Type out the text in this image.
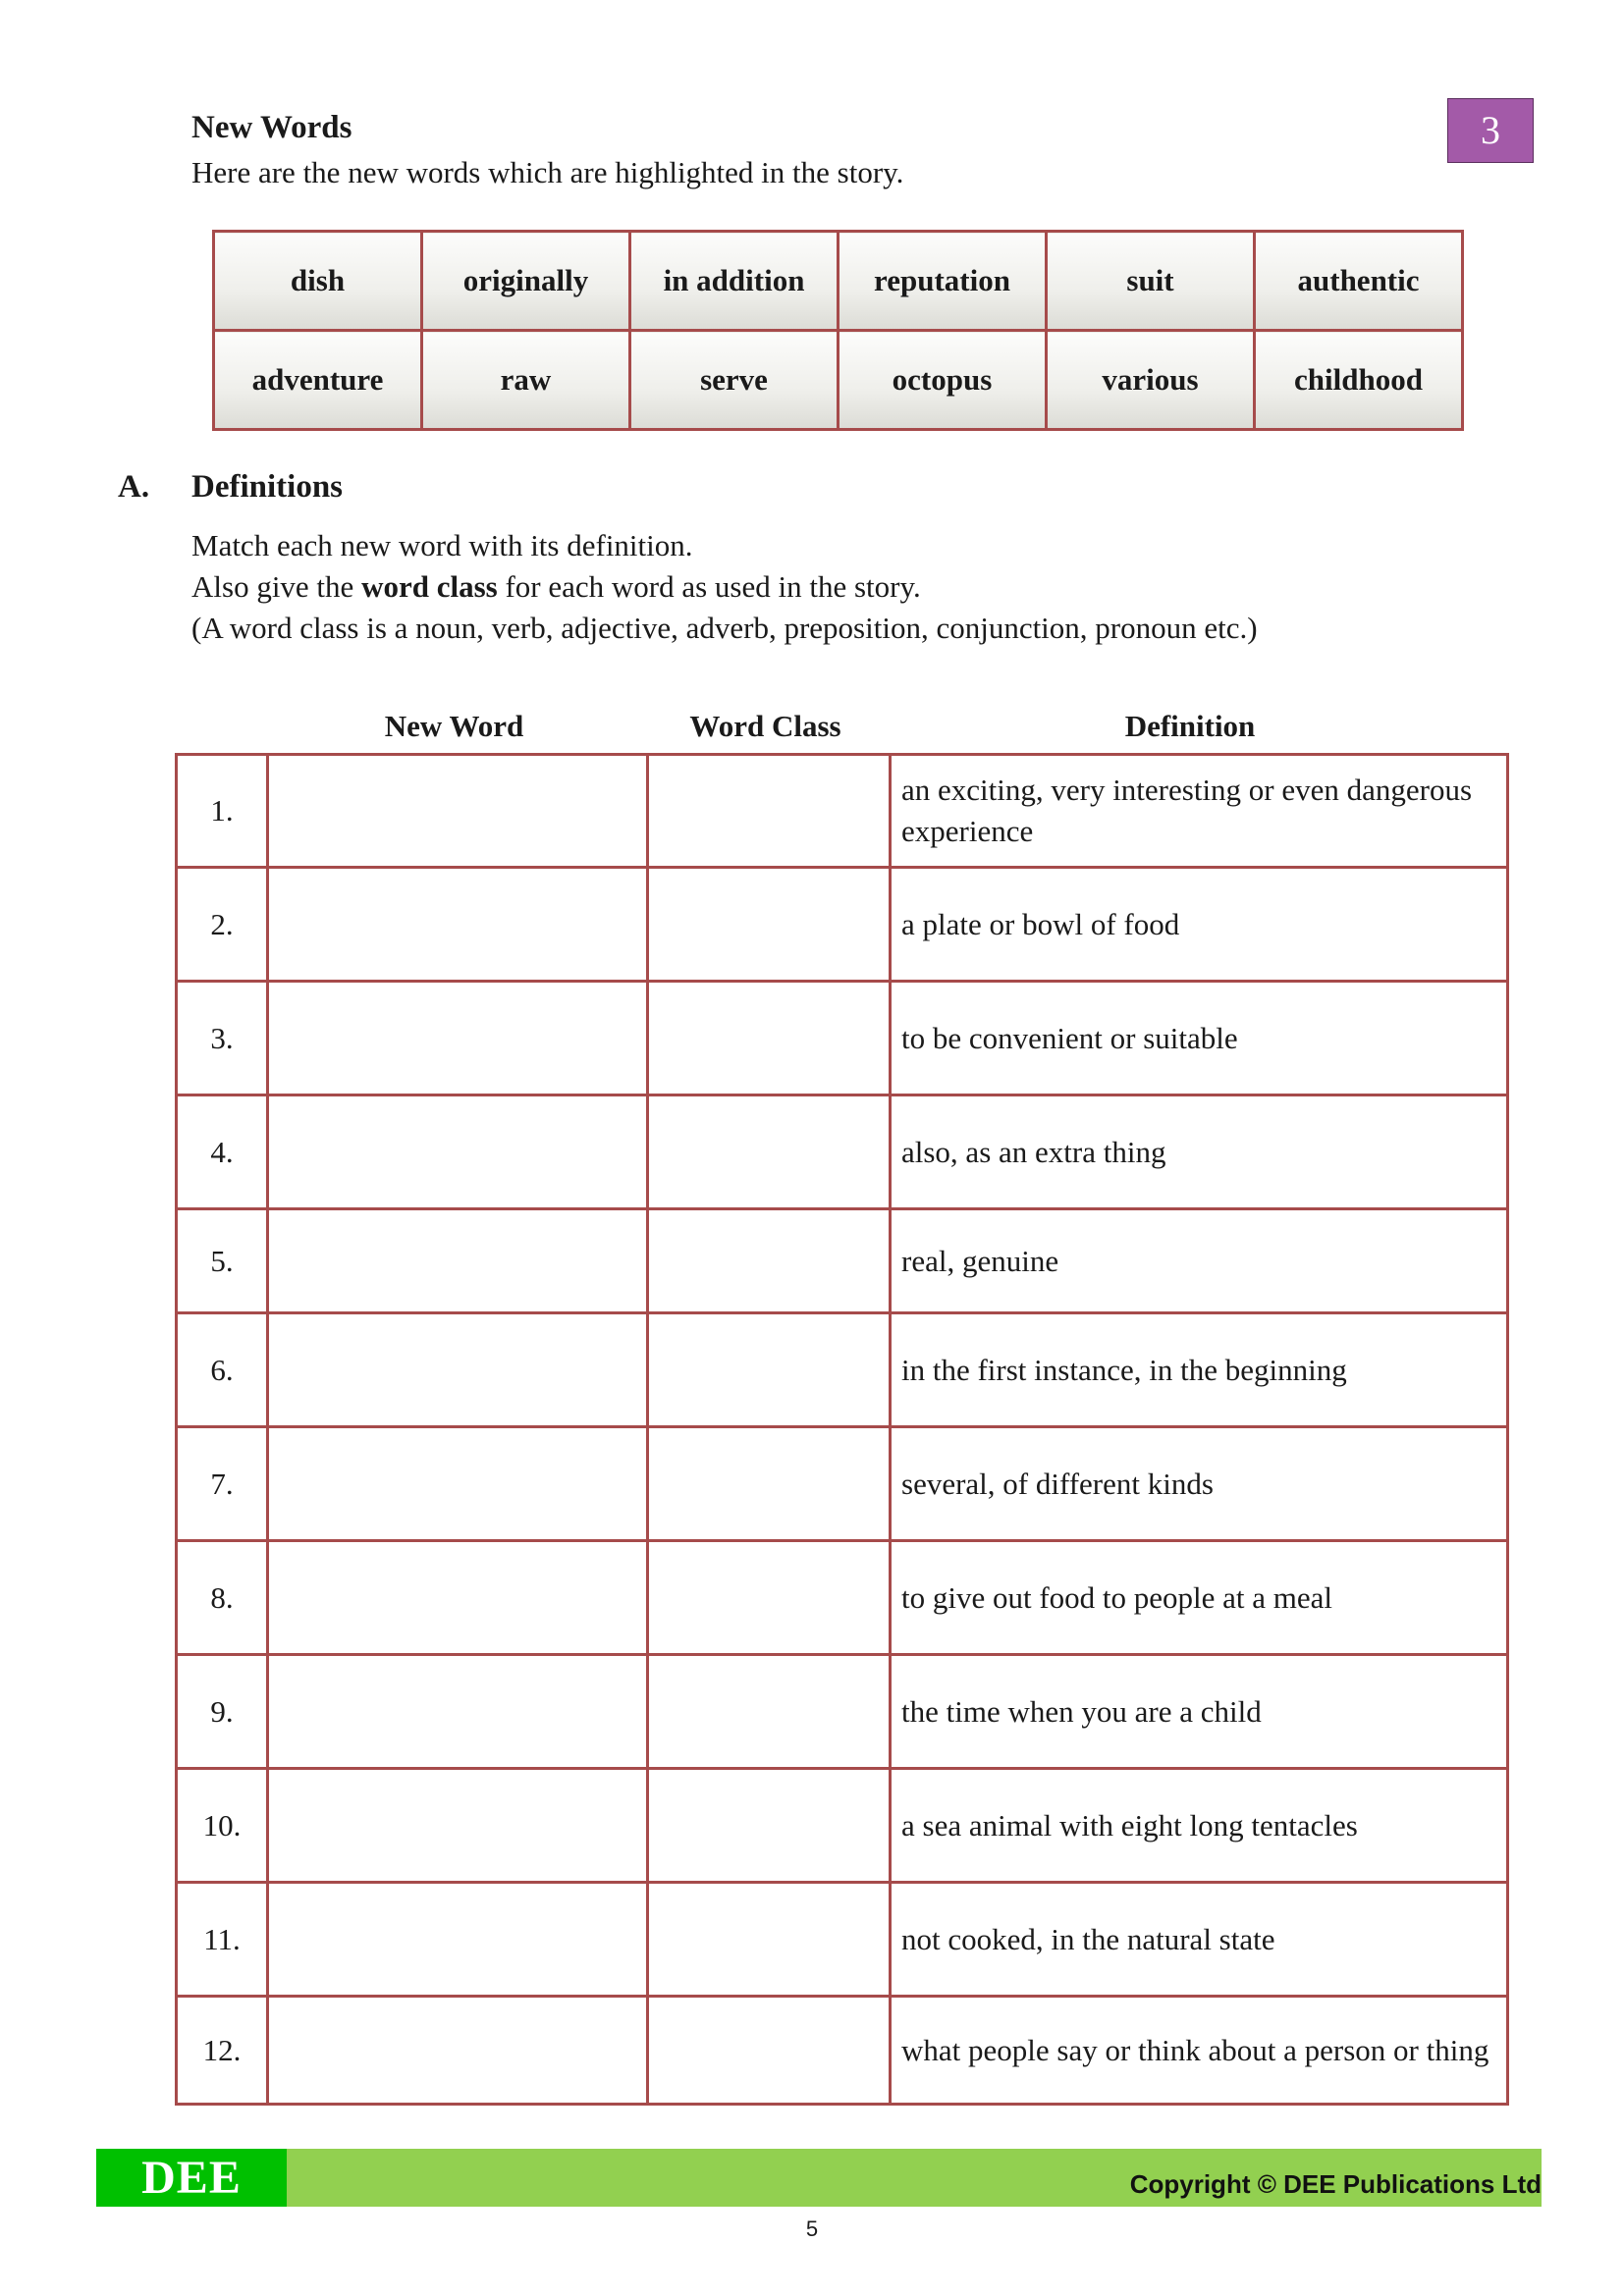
New Words
Here are the new words which are highlighted in the story.
3
dish	originally	in addition	reputation	suit	authentic
adventure	raw	serve	octopus	various	childhood
A. Definitions
Match each new word with its definition.
Also give the word class for each word as used in the story.
(A word class is a noun, verb, adjective, adverb, preposition, conjunction, pronoun etc.)
New Word	Word Class	Definition
1.			an exciting, very interesting or even dangerous experience
2.			a plate or bowl of food
3.			to be convenient or suitable
4.			also, as an extra thing
5.			real, genuine
6.			in the first instance, in the beginning
7.			several, of different kinds
8.			to give out food to people at a meal
9.			the time when you are a child
10.			a sea animal with eight long tentacles
11.			not cooked, in the natural state
12.			what people say or think about a person or thing
DEE	Copyright © DEE Publications Ltd
5
